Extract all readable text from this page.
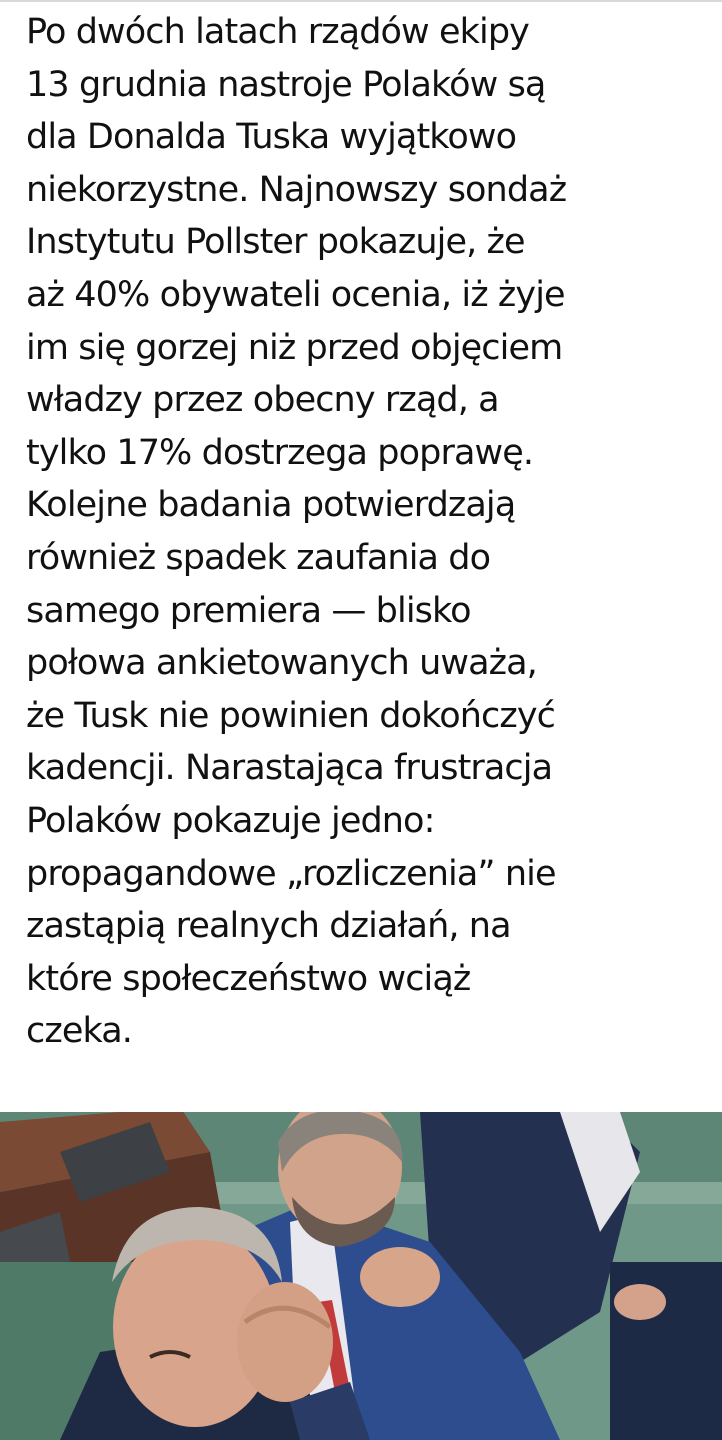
Po dwóch latach rządów ekipy
13 grudnia nastroje Polaków są
dla Donalda Tuska wyjątkowo
niekorzystne. Najnowszy sondaż
Instytutu Pollster pokazuje, że
aż 40% obywateli ocenia, iż żyje
im się gorzej niż przed objęciem
władzy przez obecny rząd, a
tylko 17% dostrzega poprawę.
Kolejne badania potwierdzają
również spadek zaufania do
samego premiera — blisko
połowa ankietowanych uważa,
że Tusk nie powinien dokończyć
kadencji. Narastająca frustracja
Polaków pokazuje jedno:
propagandowe „rozliczenia” nie
zastąpią realnych działań, na
które społeczeństwo wciąż
czeka.
